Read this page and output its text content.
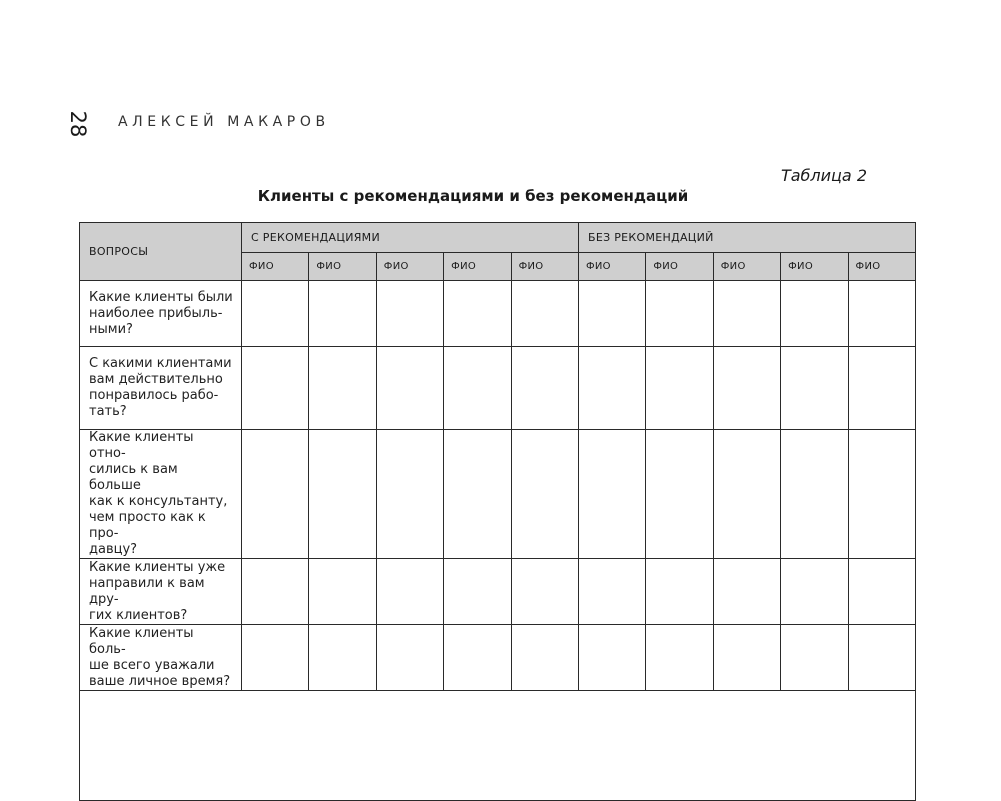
28 АЛЕКСЕЙ МАКАРОВ
Таблица 2
Клиенты с рекомендациями и без рекомендаций
ВОПРОСЫ	С РЕКОМЕНДАЦИЯМИ					БЕЗ РЕКОМЕНДАЦИЙ				
	ФИО	ФИО	ФИО	ФИО	ФИО	ФИО	ФИО	ФИО	ФИО	ФИО

Какие клиенты были
наиболее прибыль-
ными?										

С какими клиентами
вам действительно
понравилось рабо-
тать?										

Какие клиенты отно-
сились к вам больше
как к консультанту,
чем просто как к про-
давцу?										

Какие клиенты уже
направили к вам дру-
гих клиентов?										

Какие клиенты боль-
ше всего уважали
ваше личное время?										
